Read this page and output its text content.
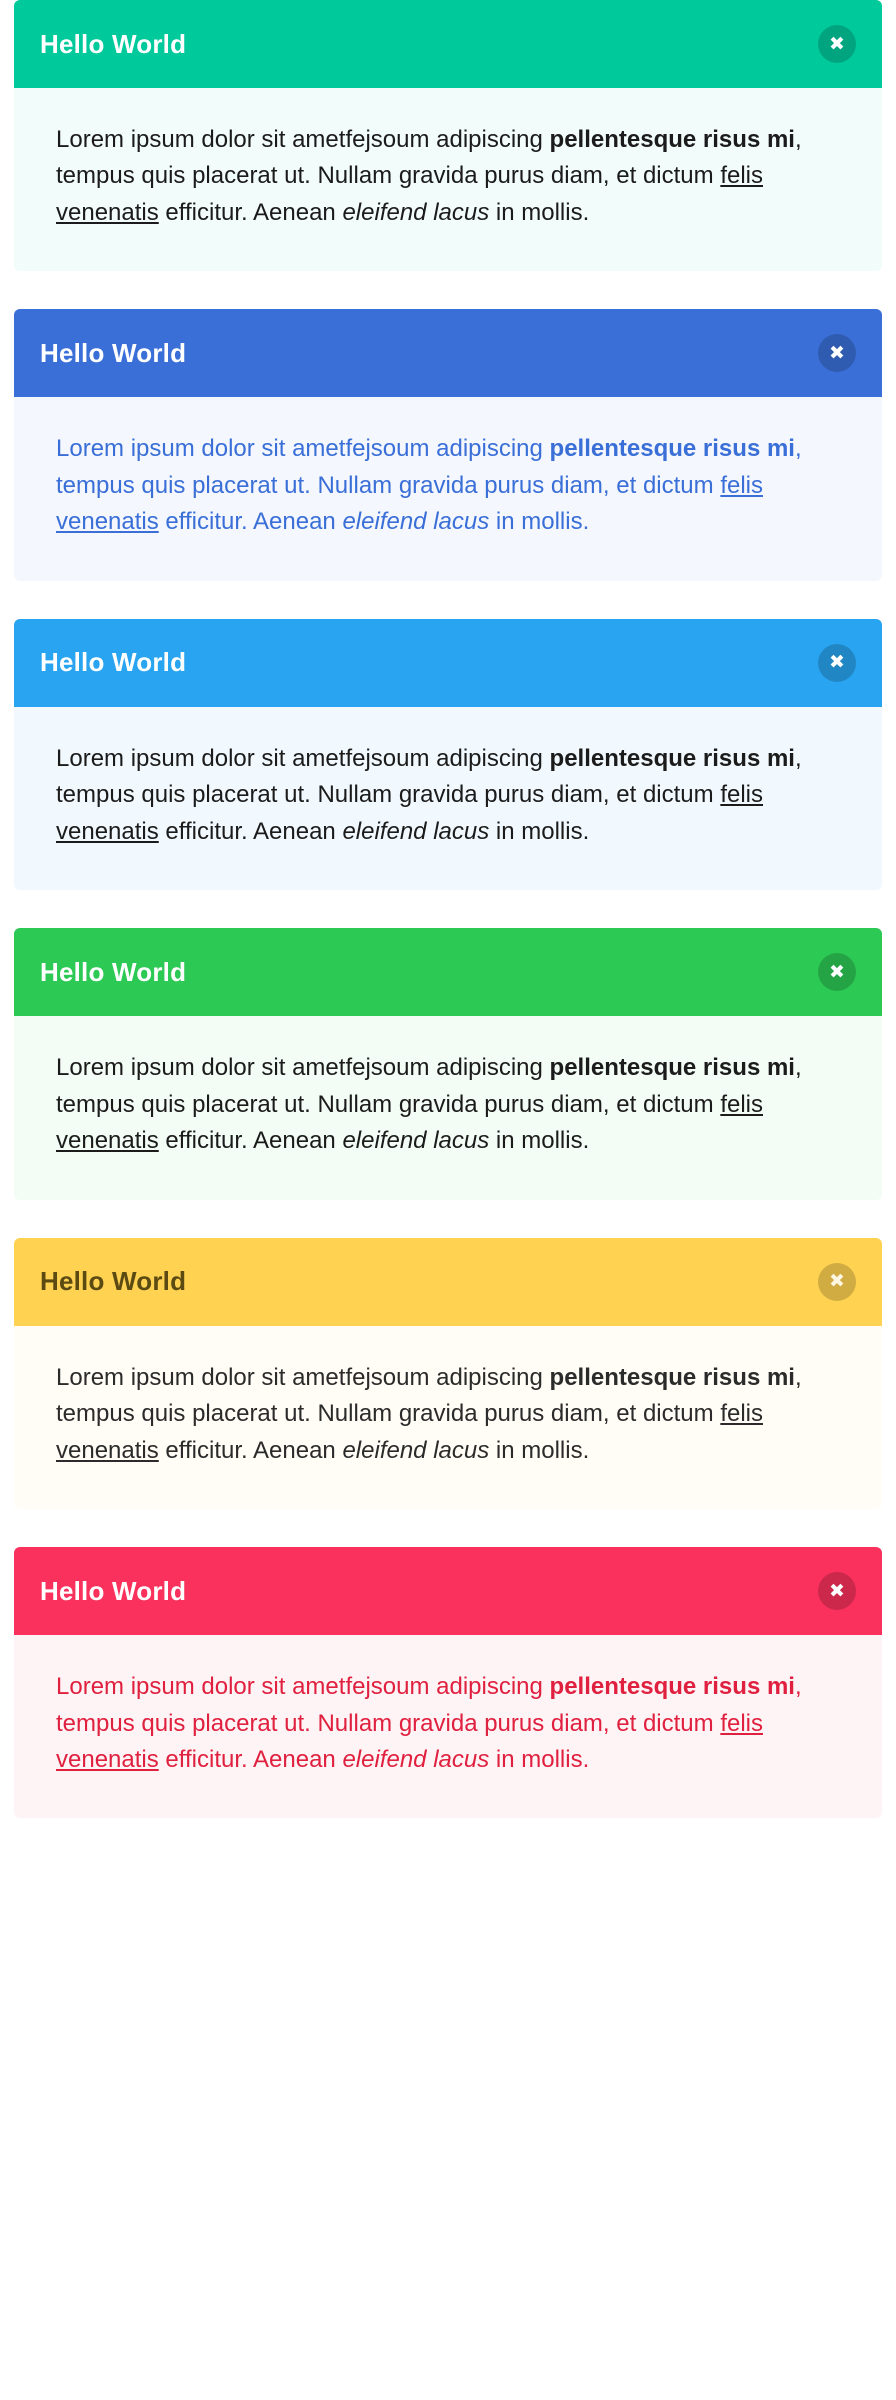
Hello World	✖

Lorem ipsum dolor sit ametfejsoum adipiscing pellentesque risus mi, tempus quis placerat ut. Nullam gravida purus diam, et dictum felis venenatis efficitur. Aenean eleifend lacus in mollis.

Hello World	✖

Lorem ipsum dolor sit ametfejsoum adipiscing pellentesque risus mi, tempus quis placerat ut. Nullam gravida purus diam, et dictum felis venenatis efficitur. Aenean eleifend lacus in mollis.

Hello World	✖

Lorem ipsum dolor sit ametfejsoum adipiscing pellentesque risus mi, tempus quis placerat ut. Nullam gravida purus diam, et dictum felis venenatis efficitur. Aenean eleifend lacus in mollis.

Hello World	✖

Lorem ipsum dolor sit ametfejsoum adipiscing pellentesque risus mi, tempus quis placerat ut. Nullam gravida purus diam, et dictum felis venenatis efficitur. Aenean eleifend lacus in mollis.

Hello World	✖

Lorem ipsum dolor sit ametfejsoum adipiscing pellentesque risus mi, tempus quis placerat ut. Nullam gravida purus diam, et dictum felis venenatis efficitur. Aenean eleifend lacus in mollis.

Hello World	✖

Lorem ipsum dolor sit ametfejsoum adipiscing pellentesque risus mi, tempus quis placerat ut. Nullam gravida purus diam, et dictum felis venenatis efficitur. Aenean eleifend lacus in mollis.
